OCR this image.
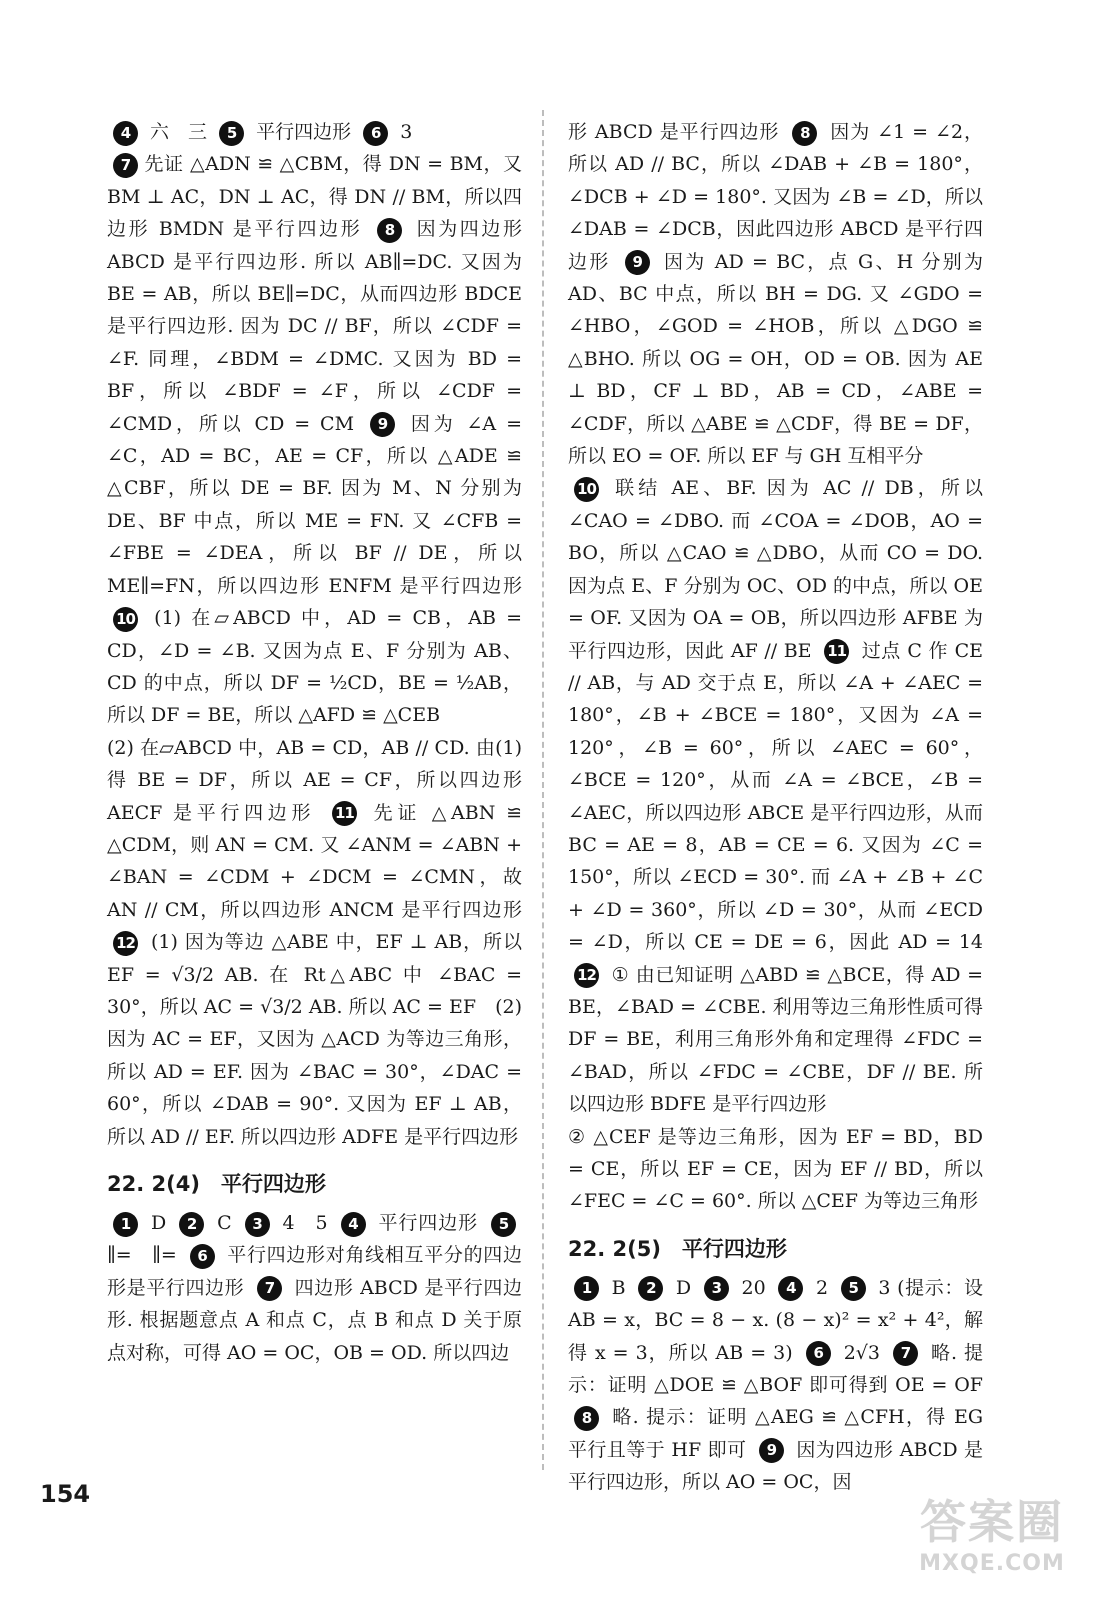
4 六　三 5 平行四边形 6 3

7 先证 △ADN ≌ △CBM，得 DN = BM，又 BM ⊥ AC，DN ⊥ AC，得 DN // BM，所以四边形 BMDN 是平行四边形 8 因为四边形 ABCD 是平行四边形. 所以 AB∥=DC. 又因为 BE = AB，所以 BE∥=DC，从而四边形 BDCE 是平行四边形. 因为 DC // BF，所以 ∠CDF = ∠F. 同理，∠BDM = ∠DMC. 又因为 BD = BF，所以 ∠BDF = ∠F，所以 ∠CDF = ∠CMD，所以 CD = CM 9 因为 ∠A = ∠C，AD = BC，AE = CF，所以 △ADE ≌ △CBF，所以 DE = BF. 因为 M、N 分别为 DE、BF 中点，所以 ME = FN. 又 ∠CFB = ∠FBE = ∠DEA，所以 BF // DE，所以 ME∥=FN，所以四边形 ENFM 是平行四边形 10 (1) 在▱ABCD 中，AD = CB，AB = CD，∠D = ∠B. 又因为点 E、F 分别为 AB、CD 的中点，所以 DF = ½CD，BE = ½AB，所以 DF = BE，所以 △AFD ≌ △CEB

(2) 在▱ABCD 中，AB = CD，AB // CD. 由(1)得 BE = DF，所以 AE = CF，所以四边形 AECF 是平行四边形 11 先证 △ABN ≌ △CDM，则 AN = CM. 又 ∠ANM = ∠ABN + ∠BAN = ∠CDM + ∠DCM = ∠CMN，故 AN // CM，所以四边形 ANCM 是平行四边形 12 (1) 因为等边 △ABE 中，EF ⊥ AB，所以 EF = √3/2 AB. 在 Rt△ABC 中 ∠BAC = 30°，所以 AC = √3/2 AB. 所以 AC = EF　(2) 因为 AC = EF，又因为 △ACD 为等边三角形，所以 AD = EF. 因为 ∠BAC = 30°，∠DAC = 60°，所以 ∠DAB = 90°. 又因为 EF ⊥ AB，所以 AD // EF. 所以四边形 ADFE 是平行四边形

22. 2(4)　平行四边形

1 D 2 C 3 4　5 4 平行四边形 5 ∥=　∥= 6 平行四边形对角线相互平分的四边形是平行四边形 7 四边形 ABCD 是平行四边形. 根据题意点 A 和点 C，点 B 和点 D 关于原点对称，可得 AO = OC，OB = OD. 所以四边

形 ABCD 是平行四边形 8 因为 ∠1 = ∠2，所以 AD // BC，所以 ∠DAB + ∠B = 180°，∠DCB + ∠D = 180°. 又因为 ∠B = ∠D，所以 ∠DAB = ∠DCB，因此四边形 ABCD 是平行四边形 9 因为 AD = BC，点 G、H 分别为 AD、BC 中点，所以 BH = DG. 又 ∠GDO = ∠HBO，∠GOD = ∠HOB，所以 △DGO ≌ △BHO. 所以 OG = OH，OD = OB. 因为 AE ⊥ BD，CF ⊥ BD，AB = CD，∠ABE = ∠CDF，所以 △ABE ≌ △CDF，得 BE = DF，所以 EO = OF. 所以 EF 与 GH 互相平分

10 联结 AE、BF. 因为 AC // DB，所以 ∠CAO = ∠DBO. 而 ∠COA = ∠DOB，AO = BO，所以 △CAO ≌ △DBO，从而 CO = DO. 因为点 E、F 分别为 OC、OD 的中点，所以 OE = OF. 又因为 OA = OB，所以四边形 AFBE 为平行四边形，因此 AF // BE 11 过点 C 作 CE // AB，与 AD 交于点 E，所以 ∠A + ∠AEC = 180°，∠B + ∠BCE = 180°，又因为 ∠A = 120°，∠B = 60°，所以 ∠AEC = 60°，∠BCE = 120°，从而 ∠A = ∠BCE，∠B = ∠AEC，所以四边形 ABCE 是平行四边形，从而 BC = AE = 8，AB = CE = 6. 又因为 ∠C = 150°，所以 ∠ECD = 30°. 而 ∠A + ∠B + ∠C + ∠D = 360°，所以 ∠D = 30°，从而 ∠ECD = ∠D，所以 CE = DE = 6，因此 AD = 14 12 ① 由已知证明 △ABD ≌ △BCE，得 AD = BE，∠BAD = ∠CBE. 利用等边三角形性质可得 DF = BE，利用三角形外角和定理得 ∠FDC = ∠BAD，所以 ∠FDC = ∠CBE，DF // BE. 所以四边形 BDFE 是平行四边形

② △CEF 是等边三角形，因为 EF = BD，BD = CE，所以 EF = CE，因为 EF // BD，所以 ∠FEC = ∠C = 60°. 所以 △CEF 为等边三角形

22. 2(5)　平行四边形

1 B 2 D 3 20 4 2 5 3 (提示：设 AB = x，BC = 8 − x. (8 − x)² = x² + 4²，解得 x = 3，所以 AB = 3) 6 2√3 7 略. 提示：证明 △DOE ≌ △BOF 即可得到 OE = OF 8 略. 提示：证明 △AEG ≌ △CFH，得 EG 平行且等于 HF 即可 9 因为四边形 ABCD 是平行四边形，所以 AO = OC，因

154
答案圈
MXQE.COM
